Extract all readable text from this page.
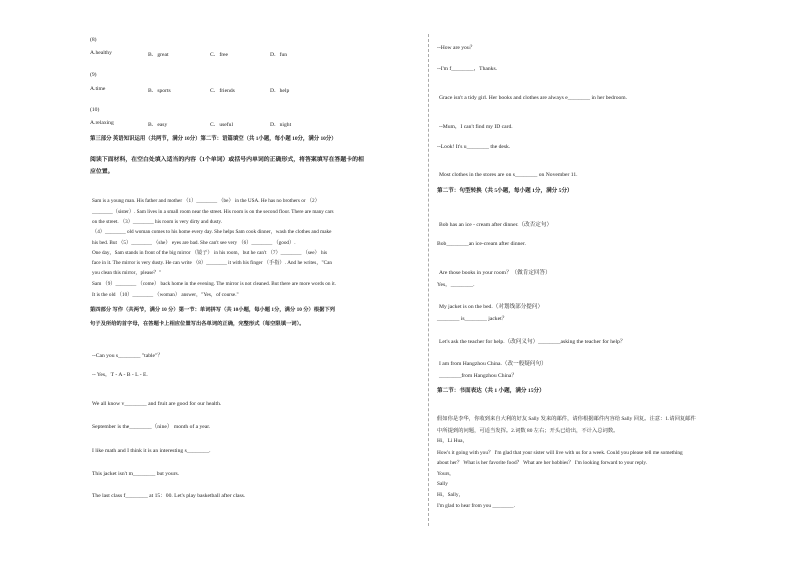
(8)
A.healthy	B．great	C．free	D．fun
(9)
A.time	B．sports	C．friends	D．help
(10)
A.relaxing	B．easy	C．useful	D．night
第三部分 英语知识运用（共两节，满分 10分）第二节：语篇填空（共 1小题，每小题 10分，满分 10分）
阅读下面材料，在空白处填入适当的内容（1个单词）或括号内单词的正确形式，将答案填写在答题卡的相
应位置。
Sam is a young man. His father and mother （1）________ （be） in the USA. He has no brothers or （2）
________（sister）. Sam lives in a small room near the street. His room is on the second floor. There are many cars
on the street. （3）________ his room is very dirty and dusty.
（4）________ old woman comes to his home every day. She helps Sam cook dinner，wash the clothes and make
his bed. But （5）________ （she） eyes are bad. She can't see very （6）________ （good）.
One day，Sam stands in front of the big mirror （镜子） in his room，but he can't （7）________ （see） his
face in it. The mirror is very dusty. He can write （8）________ it with his finger （手指）. And he writes，"Can
you clean this mirror，please？"
Sam （9）________ （come） back home in the evening. The mirror is not cleaned. But there are more words on it.
It is the old （10）________ （woman） answer，"Yes，of course."
第四部分 写作（共两节，满分 10 分）第一节：单词拼写（共 10小题，每小题 1分，满分 10 分）根据下列
句子及所给的首字母，在答题卡上相应位置写出各单词的正确，完整形式（每空限填一词）。
--Can you s________ "table"？
-- Yes，T - A - B - L - E.
We all know v________ and fruit are good for our health.
September is the________（nine） month of a year.
I like math and I think it is an interesting s________.
This jacket isn't m________ but yours.
The last class f________ at 15：00. Let's play basketball after class.
--How are you？
--I'm f________，Thanks.
Grace isn't a tidy girl. Her books and clothes are always e________ in her bedroom.
--Mum，I can't find my ID card.
--Look! It's u________ the desk.
Most clothes in the stores are on s________ on November 11.
第二节：句型转换（共 5小题，每小题 1分，满分 5分）
Bob has an ice - cream after dinner.（改否定句）
Bob________an ice-cream after dinner.
Are those books in your room？（做肯定回答）
Yes，________.
My jacket is on the bed.（对划线部分提问）
________ is________ jacket？
Let's ask the teacher for help.（改问义句）________asking the teacher for help？
I am from Hangzhou China.（改一般疑问句）
________from Hangzhou China？
第二节：书面表达（共 1 小题，满分 15分）
假如你是李华，你收到来自大利的好友 Sally 发来的邮件，请你根据邮件内容给 Sally 回复。注意：1.请回复邮件
中所提到的问题，可适当发挥。2.词数 80 左右；开头已给出，不计入总词数。
Hi，Li Hua，
How's it going with you？ I'm glad that your sister will live with us for a week. Could you please tell me something
about her？ What is her favorite food？ What are her hobbies？ I'm looking forward to your reply.
Yours,
Sally
Hi，Sally，
I'm glad to hear from you ________.
